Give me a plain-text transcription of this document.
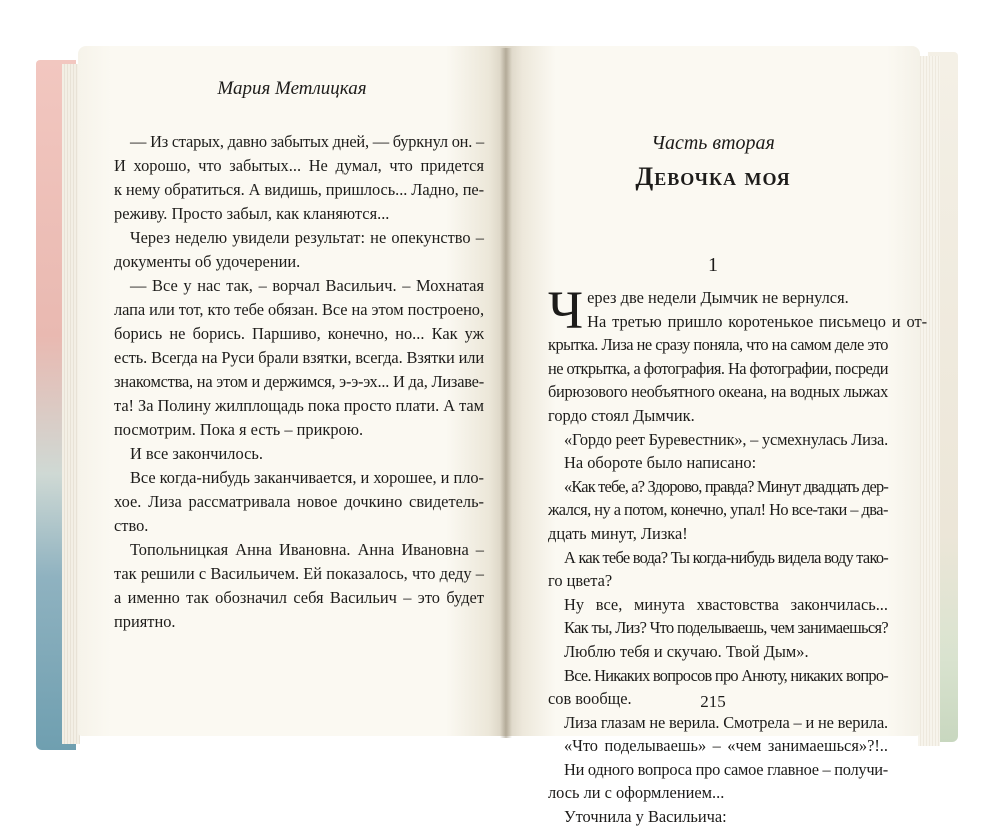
Мария Метлицкая
— Из старых, давно забытых дней, — буркнул он. –
И хорошо, что забытых... Не думал, что придется
к нему обратиться. А видишь, пришлось... Ладно, пе-
реживу. Просто забыл, как кланяются...
Через неделю увидели результат: не опекунство –
документы об удочерении.
— Все у нас так, – ворчал Васильич. – Мохнатая
лапа или тот, кто тебе обязан. Все на этом построено,
борись не борись. Паршиво, конечно, но... Как уж
есть. Всегда на Руси брали взятки, всегда. Взятки или
знакомства, на этом и держимся, э-э-эх... И да, Лизаве-
та! За Полину жилплощадь пока просто плати. А там
посмотрим. Пока я есть – прикрою.
И все закончилось.
Все когда-нибудь заканчивается, и хорошее, и пло-
хое. Лиза рассматривала новое дочкино свидетель-
ство.
Топольницкая Анна Ивановна. Анна Ивановна –
так решили с Васильичем. Ей показалось, что деду –
а именно так обозначил себя Васильич – это будет
приятно.
Часть вторая
Девочка моя
1
Ч ерез две недели Дымчик не вернулся.
На третью пришло коротенькое письмецо и от-
крытка. Лиза не сразу поняла, что на самом деле это
не открытка, а фотография. На фотографии, посреди
бирюзового необъятного океана, на водных лыжах
гордо стоял Дымчик.
«Гордо реет Буревестник», – усмехнулась Лиза.
На обороте было написано:
«Как тебе, а? Здорово, правда? Минут двадцать дер-
жался, ну а потом, конечно, упал! Но все-таки – два-
дцать минут, Лизка!
А как тебе вода? Ты когда-нибудь видела воду тако-
го цвета?
Ну все, минута хвастовства закончилась...
Как ты, Лиз? Что поделываешь, чем занимаешься?
Люблю тебя и скучаю. Твой Дым».
Все. Никаких вопросов про Анюту, никаких вопро-
сов вообще.
Лиза глазам не верила. Смотрела – и не верила.
«Что поделываешь» – «чем занимаешься»?!..
Ни одного вопроса про самое главное – получи-
лось ли с оформлением...
Уточнила у Васильича:
215
